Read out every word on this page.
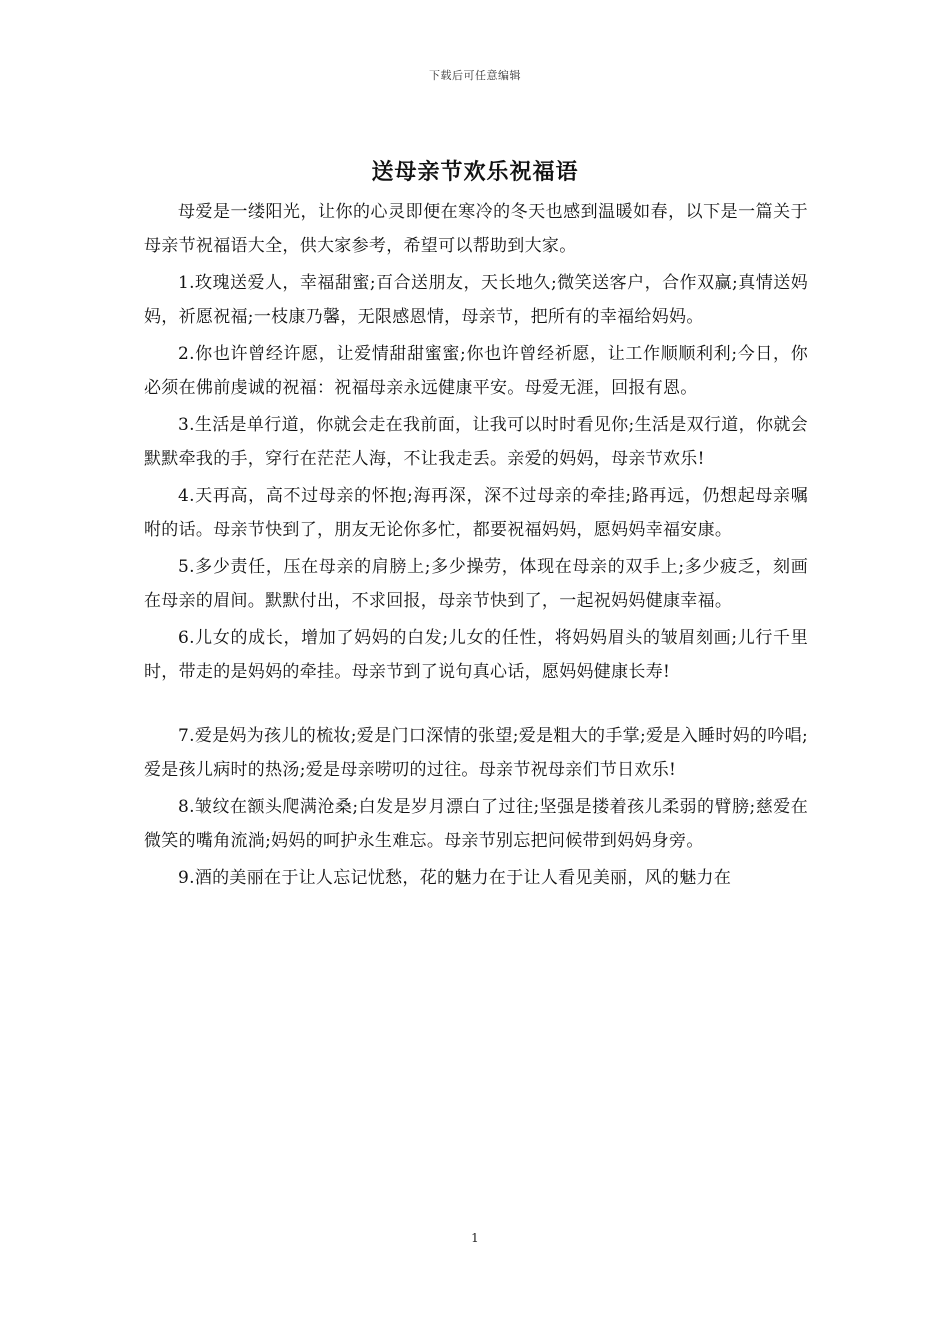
下载后可任意编辑
送母亲节欢乐祝福语

母爱是一缕阳光，让你的心灵即便在寒冷的冬天也感到温暖如春，以下是一篇关于母亲节祝福语大全，供大家参考，希望可以帮助到大家。

1.玫瑰送爱人，幸福甜蜜;百合送朋友，天长地久;微笑送客户，合作双赢;真情送妈妈，祈愿祝福;一枝康乃馨，无限感恩情，母亲节，把所有的幸福给妈妈。

2.你也许曾经许愿，让爱情甜甜蜜蜜;你也许曾经祈愿，让工作顺顺利利;今日，你必须在佛前虔诚的祝福：祝福母亲永远健康平安。母爱无涯，回报有恩。

3.生活是单行道，你就会走在我前面，让我可以时时看见你;生活是双行道，你就会默默牵我的手，穿行在茫茫人海，不让我走丢。亲爱的妈妈，母亲节欢乐!

4.天再高，高不过母亲的怀抱;海再深，深不过母亲的牵挂;路再远，仍想起母亲嘱咐的话。母亲节快到了，朋友无论你多忙，都要祝福妈妈，愿妈妈幸福安康。

5.多少责任，压在母亲的肩膀上;多少操劳，体现在母亲的双手上;多少疲乏，刻画在母亲的眉间。默默付出，不求回报，母亲节快到了，一起祝妈妈健康幸福。

6.儿女的成长，增加了妈妈的白发;儿女的任性，将妈妈眉头的皱眉刻画;儿行千里时，带走的是妈妈的牵挂。母亲节到了说句真心话，愿妈妈健康长寿!

7.爱是妈为孩儿的梳妆;爱是门口深情的张望;爱是粗大的手掌;爱是入睡时妈的吟唱;爱是孩儿病时的热汤;爱是母亲唠叨的过往。母亲节祝母亲们节日欢乐!

8.皱纹在额头爬满沧桑;白发是岁月漂白了过往;坚强是搂着孩儿柔弱的臂膀;慈爱在微笑的嘴角流淌;妈妈的呵护永生难忘。母亲节别忘把问候带到妈妈身旁。

9.酒的美丽在于让人忘记忧愁，花的魅力在于让人看见美丽，风的魅力在

1
